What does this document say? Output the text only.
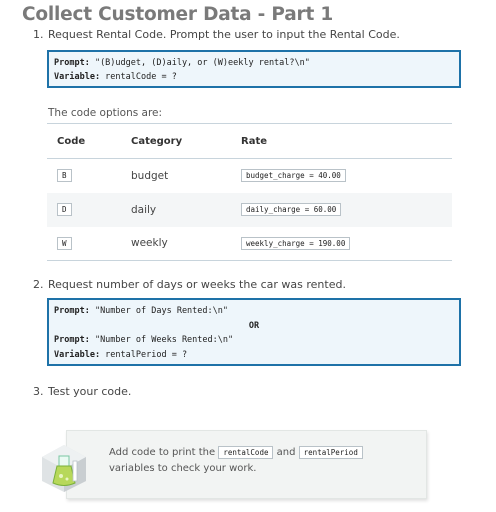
Collect Customer Data - Part 1
1. Request Rental Code. Prompt the user to input the Rental Code.
Prompt: "(B)udget, (D)aily, or (W)eekly rental?\n"
Variable: rentalCode = ?
The code options are:
Code	Category	Rate
B	budget	budget_charge = 40.00
D	daily	daily_charge = 60.00
W	weekly	weekly_charge = 190.00
2. Request number of days or weeks the car was rented.
Prompt: "Number of Days Rented:\n"
OR
Prompt: "Number of Weeks Rented:\n"
Variable: rentalPeriod = ?
3. Test your code.
Add code to print the rentalCode and rentalPeriod variables to check your work.
